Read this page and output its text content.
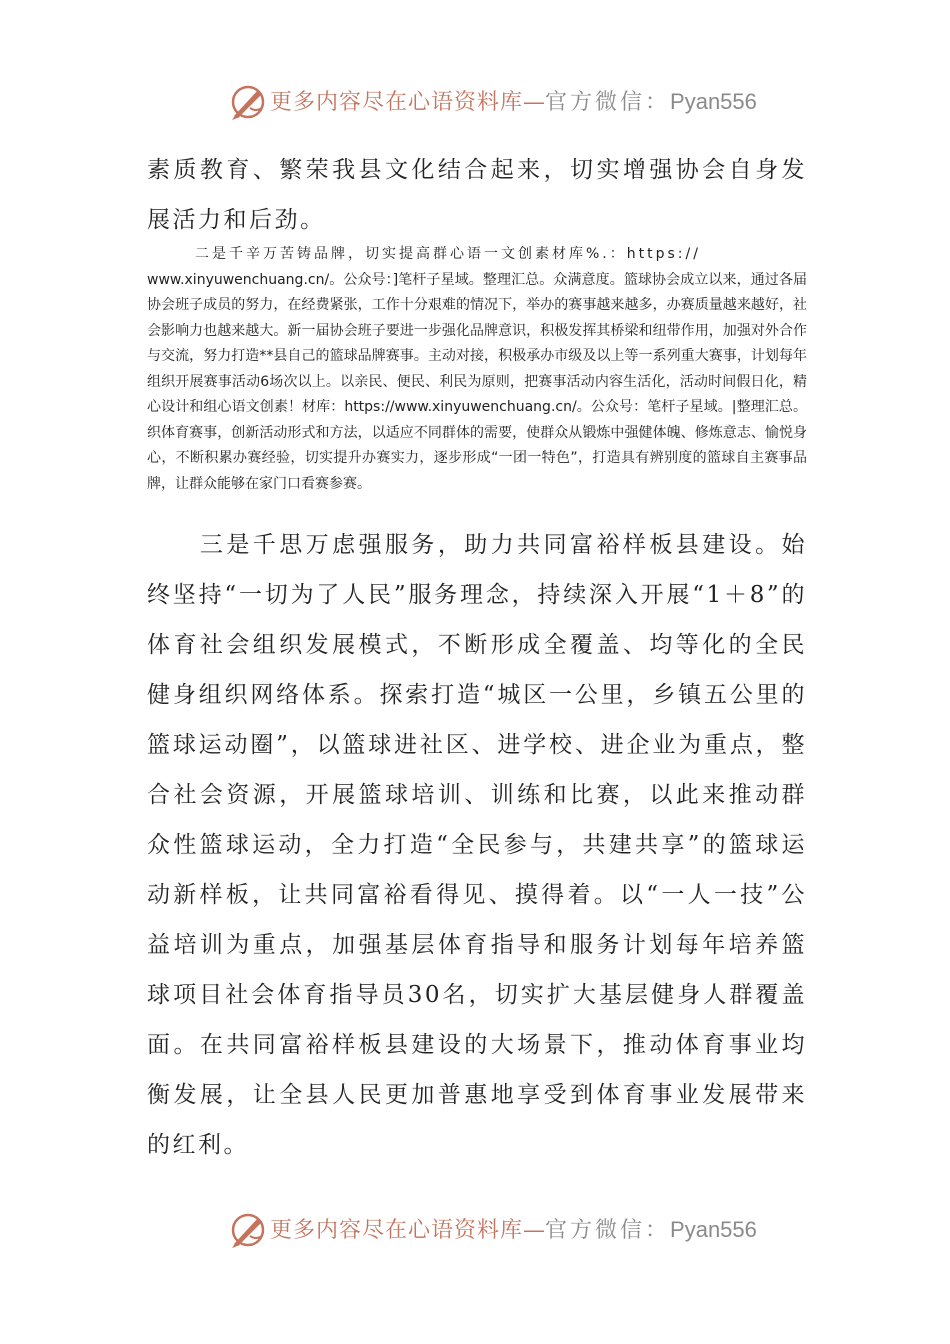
更多内容尽在心语资料库—官方微信：Pyan556
素质教育、繁荣我县文化结合起来，切实增强协会自身发展活力和后劲。
二是千辛万苦铸品牌，切实提高群心语一文创素材库%.：https://
www.xinyuwenchuang.cn/。公众号：]笔杆子星域。整理汇总。众满意度。篮球协会成立以来，通过各届协会班子成员的努力，在经费紧张，工作十分艰难的情况下，举办的赛事越来越多，办赛质量越来越好，社会影响力也越来越大。新一届协会班子要进一步强化品牌意识，积极发挥其桥梁和纽带作用，加强对外合作与交流，努力打造**县自己的篮球品牌赛事。主动对接，积极承办市级及以上等一系列重大赛事，计划每年组织开展赛事活动6场次以上。以亲民、便民、利民为原则，把赛事活动内容生活化，活动时间假日化，精心设计和组心语文创素！材库：https://www.xinyuwenchuang.cn/。公众号：笔杆子星域。|整理汇总。织体育赛事，创新活动形式和方法，以适应不同群体的需要，使群众从锻炼中强健体魄、修炼意志、愉悦身心，不断积累办赛经验，切实提升办赛实力，逐步形成“一团一特色”，打造具有辨别度的篮球自主赛事品牌，让群众能够在家门口看赛参赛。
　　三是千思万虑强服务，助力共同富裕样板县建设。始终坚持“一切为了人民”服务理念，持续深入开展“1＋8”的体育社会组织发展模式，不断形成全覆盖、均等化的全民健身组织网络体系。探索打造“城区一公里，乡镇五公里的篮球运动圈”，以篮球进社区、进学校、进企业为重点，整合社会资源，开展篮球培训、训练和比赛，以此来推动群众性篮球运动，全力打造“全民参与，共建共享”的篮球运动新样板，让共同富裕看得见、摸得着。以“一人一技”公益培训为重点，加强基层体育指导和服务计划每年培养篮球项目社会体育指导员30名，切实扩大基层健身人群覆盖面。在共同富裕样板县建设的大场景下，推动体育事业均衡发展，让全县人民更加普惠地享受到体育事业发展带来的红利。
更多内容尽在心语资料库—官方微信：Pyan556
